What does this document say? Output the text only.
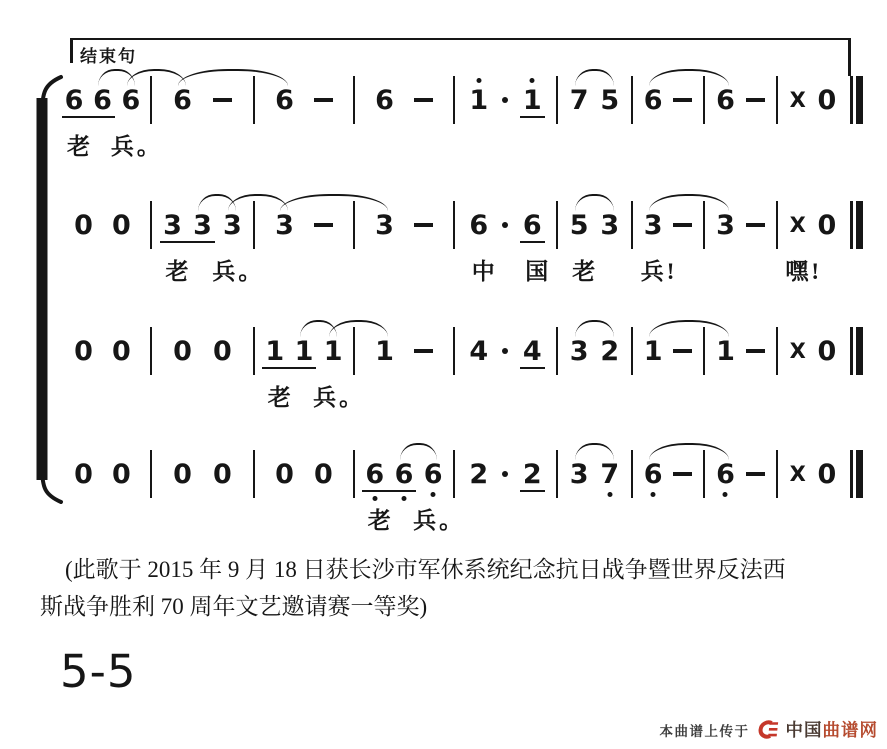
结束句
6 6 6 6	6	6	1 1 7 5 6 6	X 0
老 兵。
0 0 3 3 3 3	3	6 6 5 3 3 3	X 0
老 兵。	中 国 老 兵!	嘿!
0 0 0 0 1 1 1 1	4 4 3 2 1 1	X 0
老 兵。
0 0 0 0 0 0 6 6 6 2 2 3 7 6 6	X 0
老 兵。
(此歌于 2015 年 9 月 18 日获长沙市军休系统纪念抗日战争暨世界反法西
斯战争胜利 70 周年文艺邀请赛一等奖)
5-5
本曲谱上传于 中国曲谱网
